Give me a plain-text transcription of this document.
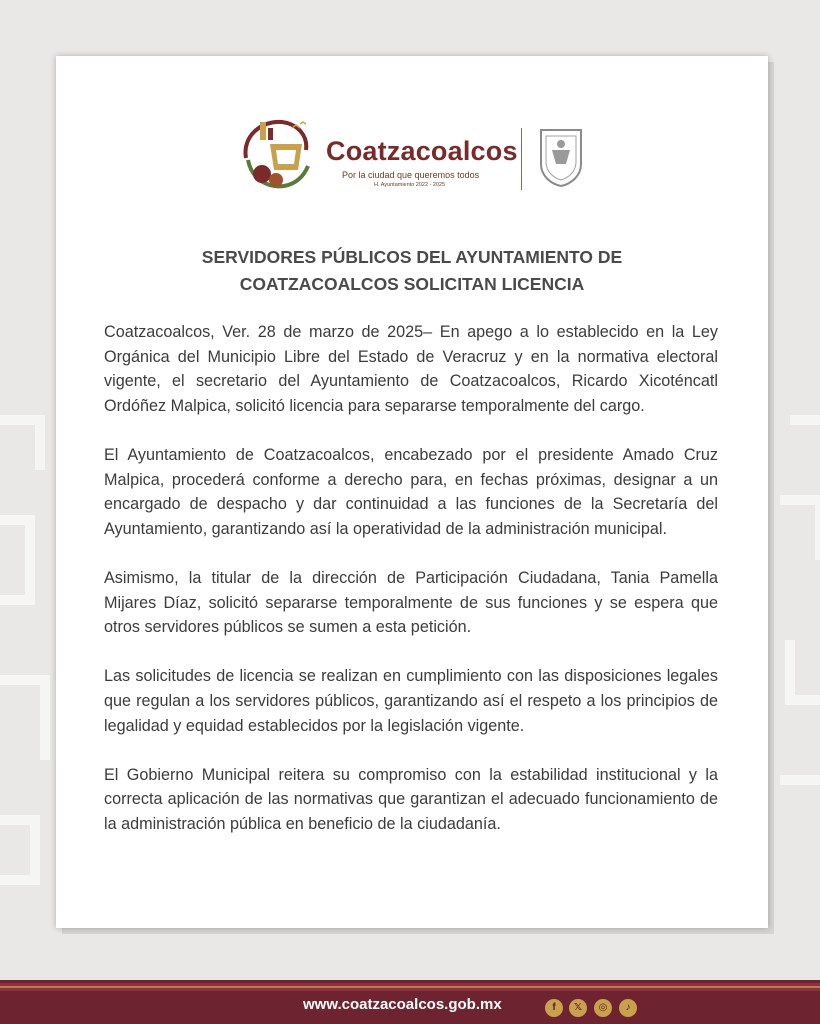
Coatzacoalcos
Por la ciudad que queremos todos
H. Ayuntamiento 2022 - 2025
SERVIDORES PÚBLICOS DEL AYUNTAMIENTO DE
COATZACOALCOS SOLICITAN LICENCIA

Coatzacoalcos, Ver. 28 de marzo de 2025– En apego a lo establecido en la Ley Orgánica del Municipio Libre del Estado de Veracruz y en la normativa electoral vigente, el secretario del Ayuntamiento de Coatzacoalcos, Ricardo Xicoténcatl Ordóñez Malpica, solicitó licencia para separarse temporalmente del cargo.

El Ayuntamiento de Coatzacoalcos, encabezado por el presidente Amado Cruz Malpica, procederá conforme a derecho para, en fechas próximas, designar a un encargado de despacho y dar continuidad a las funciones de la Secretaría del Ayuntamiento, garantizando así la operatividad de la administración municipal.

Asimismo, la titular de la dirección de Participación Ciudadana, Tania Pamella Mijares Díaz, solicitó separarse temporalmente de sus funciones y se espera que otros servidores públicos se sumen a esta petición.

Las solicitudes de licencia se realizan en cumplimiento con las disposiciones legales que regulan a los servidores públicos, garantizando así el respeto a los principios de legalidad y equidad establecidos por la legislación vigente.

El Gobierno Municipal reitera su compromiso con la estabilidad institucional y la correcta aplicación de las normativas que garantizan el adecuado funcionamiento de la administración pública en beneficio de la ciudadanía.

www.coatzacoalcos.gob.mx	f	𝕏	◎	♪
